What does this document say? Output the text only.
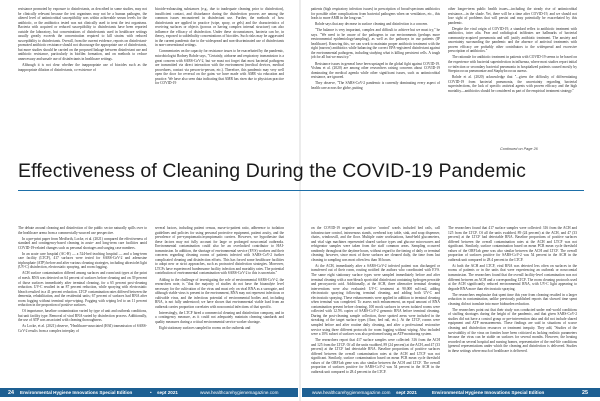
resistance promoted by exposure to disinfectants, as described in some studies, may not be clinically relevant because the test organisms may not be a human pathogen, the altered level of antimicrobial susceptibility was within achievable serum levels for the antibiotic, or the antibiotics tested was not clinically used to treat the test organisms. Bacteria with acquired or reduced susceptibility to disinfectants have been reported outside the laboratory, but concentrations of disinfectants used in healthcare settings usually greatly exceeds the concentration required to kill strains with reduced susceptibility to disinfectants. Overall, from the current evidence, reports on disinfectant-promoted antibiotic resistance should not discourage the appropriate use of disinfectants, but more studies should be carried on the proposed linkage between disinfectant use and antibiotic resistance, particularly in biofilm formation, and on methods to reduce unnecessary and unsafe use of disinfectants in healthcare settings.

Although it is not clear whether the inappropriate use of biocides such as the inappropriate dilution of disinfectants, co-existence of

biocide-exhausting substances (e.g., due to inadequate cleaning prior to disinfection), insufficient contact, and disturbance during the disinfection process are among the common issues encountered in disinfectant use. Further, the methods of how disinfectants are applied in practice (wipe, spray, or gels) and the characteristics of receiving surfaces or objects (porous or having complex internal structure) can also influence the efficacy of disinfection. Under these circumstances, bacteria can be, in theory, exposed to sublethality concentrations of biocides. Such risks may be aggravated in the current pandemic due to the widespread and non-discriminated use of disinfectants in non-conventional settings.

Commentaries on the capacity for resistance issues to be exacerbated by the pandemic, microbiologist Rodney Rohde says, "Certainly, airborne and respiratory transmission is a great concern with SARS-CoV-2, but we must not forget that most bacterial pathogens are transmitted via direct interaction with the environment (medical devices, medical procedures, contact via person-to-person, etc.). Therefore, this pandemic may very well open the door for reversal on the gains we have made with AMR via education and practice. We have also seen data indicating that AMR has risen due to physician practice for COVID-19

patients (high respiratory infection issues) in prescription of broad-spectrum antibiotics for possible other complications from bacterial pathogens when on ventilators, etc., this leads to more AMR in the long run."

Rohde says that any decrease in surface cleaning and disinfection is a concern.

"The balance is very important, complex and difficult to achieve but we must try," he says. "We need to be aware of the pathogens in our environments (perhaps more environmental epidemiology/sampling), as well as the pathways in our patients (IP healthcare). Knowing this, we can work to maintain proper antibiotic treatment with the right (narrow) antibiotics while balancing the correct EPA-registered disinfectant against the environmental pathogens, including studying what is killing persistent cells. A tough job for all but we must try."

Resistance issues in general have been upstaged in the global fight against COVID-19. Vishnu et al. (2020) are among other researchers raising concerns about COVID-19 dominating the medical agenda while other significant issues, such as antimicrobial resistance, are ignored.

They observe, "The SARS-CoV-2 pandemic is currently dominating every aspect of health care across the globe, putting

other longer-term public health issues—including the steady rise of antimicrobial resistance—in the shade. Yet, there will be a time after COVID-19, and we should not lose sight of problems that will persist and may potentially be exacerbated by this pandemic.

Despite the viral origin of COVID-19, a standard reflex to antibiotic treatment with antibiotics, inter alia. Fear and radiological infiltrates are hallmarks of bacterial community-acquired pneumonia and will justify antibiotic treatment. The anxiety and uncertainty surrounding the pandemic and the absence of antiviral treatments with proven efficacy are probably other contributors to the widespread and excessive prescription of antibiotics."

The rationale for antibiotic treatment in patients with COVID-19 seems to be based on the experience with bacterial superinfection in influenza, where most studies report initial co-infection or secondary bacterial pneumonia in hospitalized patients caused mostly by Streptococcus pneumoniae and Staphylococcus aureus.

Rohde et al. (2020) acknowledge that "...given the difficulty of differentiating COVID-19 from bacterial pneumonia, the uncertainty regarding bacterial superinfections, the lack of specific antiviral agents with proven efficacy and the high mortality—antibiotics should be considered as part of the empirical treatment strategy."

Continued on Page 26
Effectiveness of Cleaning During the COVID-19 Pandemic

The debate around cleaning and disinfection of the public sector naturally spills over to the healthcare arena from a commercially-sourced use perspective.

In a pre-print paper from Medforth, Locke, et al. (2021) compared the effectiveness of standard and contingency-based cleaning in acute- and long-term care facilities amid COVID-19-related changes such as personal shortages and surging case numbers.

In an acute care hospital (AC-H) — a 524-bed teaching hospital — and a long-term care facility (LTCF), 417 surfaces were tested for SARS-CoV-2 and adenosine triphosphate (ATP) before and after various cleaning strategies, including ultraviolet light (UV-C) disinfection, electrostatic spraying, and room fogging.

ACH surface contamination differed among surfaces and room/unit types at the point of mesh. RNA was detected on 64 percent of surfaces before cleaning and on 39 percent of those surfaces immediately after terminal cleaning, for a 65 percent post-cleaning reduction. UV-C resulted in an 87 percent reduction, while spraying with electrostatic bleach resulted in a 41 percent reduction. LTCF contamination rates differed between the dementia, rehabilitation, and the residential units; 67 percent of surfaces had RNA after room fogging without terminal wipe-wiping. Fogging with wiping led to an 11 percent reduction in the proportion of positive surfaces.

Of importance, baseline contamination varied by type of unit and outbreak conditions, but unit facility type. Removal of viral RNA varied by disinfection process. Additionally, the use of ATP was associated with cleaning thoroughness.

As Locke, et al. (2021) observe, "Healthcare-associated (HAI) transmission of SARS-CoV-2 results from a complex interplay of

several factors, including patient census, nurse-to-patient ratio, adherence to isolation guidelines and policies for using personal protective equipment, patient acuity, and the prevalence of pre-symptomatic/asymptomatic carriers. However, we hypothesize that these factors may not fully account for large or prolonged nosocomial outbreaks. Environmental contamination could also be an overlooked contributor to HAI-transmission. In addition, the shortage of environmental service (EVS) workers and their concerns regarding cleaning rooms of patients infected with SARS-CoV-2 further complicated cleaning and disinfection efforts. This has forced some healthcare facilities to adopt new or strict approaches, such as protracted disinfection strategies. Moreover, LTCFs have experienced burdensome facility infection and mortality rates. The potential contribution of environmental contamination with SARS-CoV-2 to this is uncertain."

Adding to the challenge of investigating the role of environmental SARS-CoV-2, the researchers note, is "that the majority of studies do not have the bioanalyte level necessary for the cultivation of the virus and must rely on viral RNA as a surrogate, and although viable virus is present in the environment, RNA may not represent infectious or cultivable virus, and the infectious potential of environmental bodies and, including RNA, is not fully understood; we have shown that environmental viable load from an outbreak carries proportion correlates with nosocomial infections of that specific.

Interestingly, the LTCF hired a commercial cleaning and disinfection company, and in a contingency measure, as it could not adequately maintain cleaning standards and quality measures during a critical environmental service worker shortage.

Eight stationary surfaces sampled in rooms on the outbreak and

on the COVID-19 negative and positive 'control' wards included bed rails, call infrastructure control, intravenous stands, overhead tray table, sink, and soap dispenser, chairs, windowsill, and the floor. Multiple outer workstations, hand-held glucometers, and vital sign machines represented shared surface types and glucose microwaves and refrigerator samples were taken from the staff common areas. Sampling occurred randomly throughout the daytime hours, without regard to the timing of daily or terminal cleaning; however, since most of these surfaces are cleaned daily, the time from last cleaning to sampling was most often less than 36 hours.

At the ACH, immediately after a SARS-CoV-2 infected patient was discharged or transferred out of their room, routing notified the authors who coordinated with EVS. The same eight stationary surface types were sampled immediately before and after terminal cleaning with a non-bleach sporicidal disinfectant containing hydrogen peroxide and peroxyacetic acid. Additionally, at the ACH, three alternative terminal cleaning interventions were also evaluated: UV-C treatment at 90,000 mJ/cm2, adding electrostatic spraying following terminal cleaning, and adding both UV-C and electrostatic spraying. These enhancements were applied in addition to terminal cleaning when terminal was completed. To assess each enhancement, an equal amount of RNA contamination present before cleaning, 100 mock surfaces in seven isolated rooms were collected with 12.5% copies of SARS-CoV-2 genomic RNA before terminal cleaning. During the post-cleaning sample collection, these spotted areas were included in the streaking of the target surface types (floor, bed rail, etc.). At the LTCF, rooms were sampled before and after routine daily cleaning, and after a professional restorative service using three different protocols for room fogging without wiping. Also included were a 10% subset of surfaces was also performed using an ATP monitoring system.

The researchers report that 417 surface samples were collected: 316 from the ACH and 125 from the LTCF. Of all the units swabbed, 89 (24 percent) at the ACH, and 47 (33 percent) at the LTCF had detectable RNA. Baseline proportions of positive surfaces differed between the overall contamination rates at the ACH and LTCF was not significant. Similarly, surface contamination based on mean PCR mean cycle threshold values of the ORF1ab gene was also similar between the ACH and LTCF. The overall proportion of surfaces positive for SARS-CoV-2 was 54 percent in the ACH in the outbreak unit compared to 28.4 percent in the LTCF.

The researchers found that 417 surface samples were collected: 316 from the ACH and 125 from the LTCF. Of all the units swabbed, 89 (24 percent) at the ACH, and 47 (33 percent) at the LTCF had detectable RNA. Baseline proportions of positive surfaces differed between the overall contamination rates at the ACH and LTCF was not significant. Similarly, surface contamination based on mean PCR mean cycle threshold values of the ORF1ab gene was also similar between the ACH and LTCF. The overall proportion of surfaces positive for SARS-CoV-2 was 54 percent in the ACH in the outbreak unit compared to 28.4 percent in the LTCF.

At both the ACH and LTCF, viral RNA was detected less often on surfaces in the rooms of patients or in the units that were experiencing an outbreak or nosocomial transmission. The researchers found that the overall facility-level contamination was not different between an ACH and a corresponding LTCF. The room cleaning protocols used at the ACH significantly reduced environmental RNA, with UV-C light appearing to degrade RNA more than electrostatic spraying.

The researchers emphasize that spent time this year from cleaning resulted in a larger reduction in contamination, unlike previously published reports that showed time spent cleaning did not translate into more bioburden reduction.

The researchers point out that their study was conducted under real-world conditions of staffing shortages during the height of the pandemic, and that given SARS-CoV-2 studies did not have a control group or pre-intervention data and did not include shared equipment and ATP measurements. These findings are said in situations of scarce cleaning and disinfection resources or treatment inequity. They add, "Studies of the survivability of the virus on fomites have been criticized as lacking realistic parameters because the virus can be stable on surfaces for several months. However, the heating recorded on several hospital and nursing homes, representative of the real-life conditions (general representations under which the cleaning and disinfection is delivered. Studies in these settings where much of healthcare is delivered.

24 Environmental Hygiene Innovations Special Edition	• sept 2021	www.healthcarehygienemagazine.com	www.healthcarehygienemagazine.com sept 2021	Environmental Hygiene Innovations Special Edition	25
